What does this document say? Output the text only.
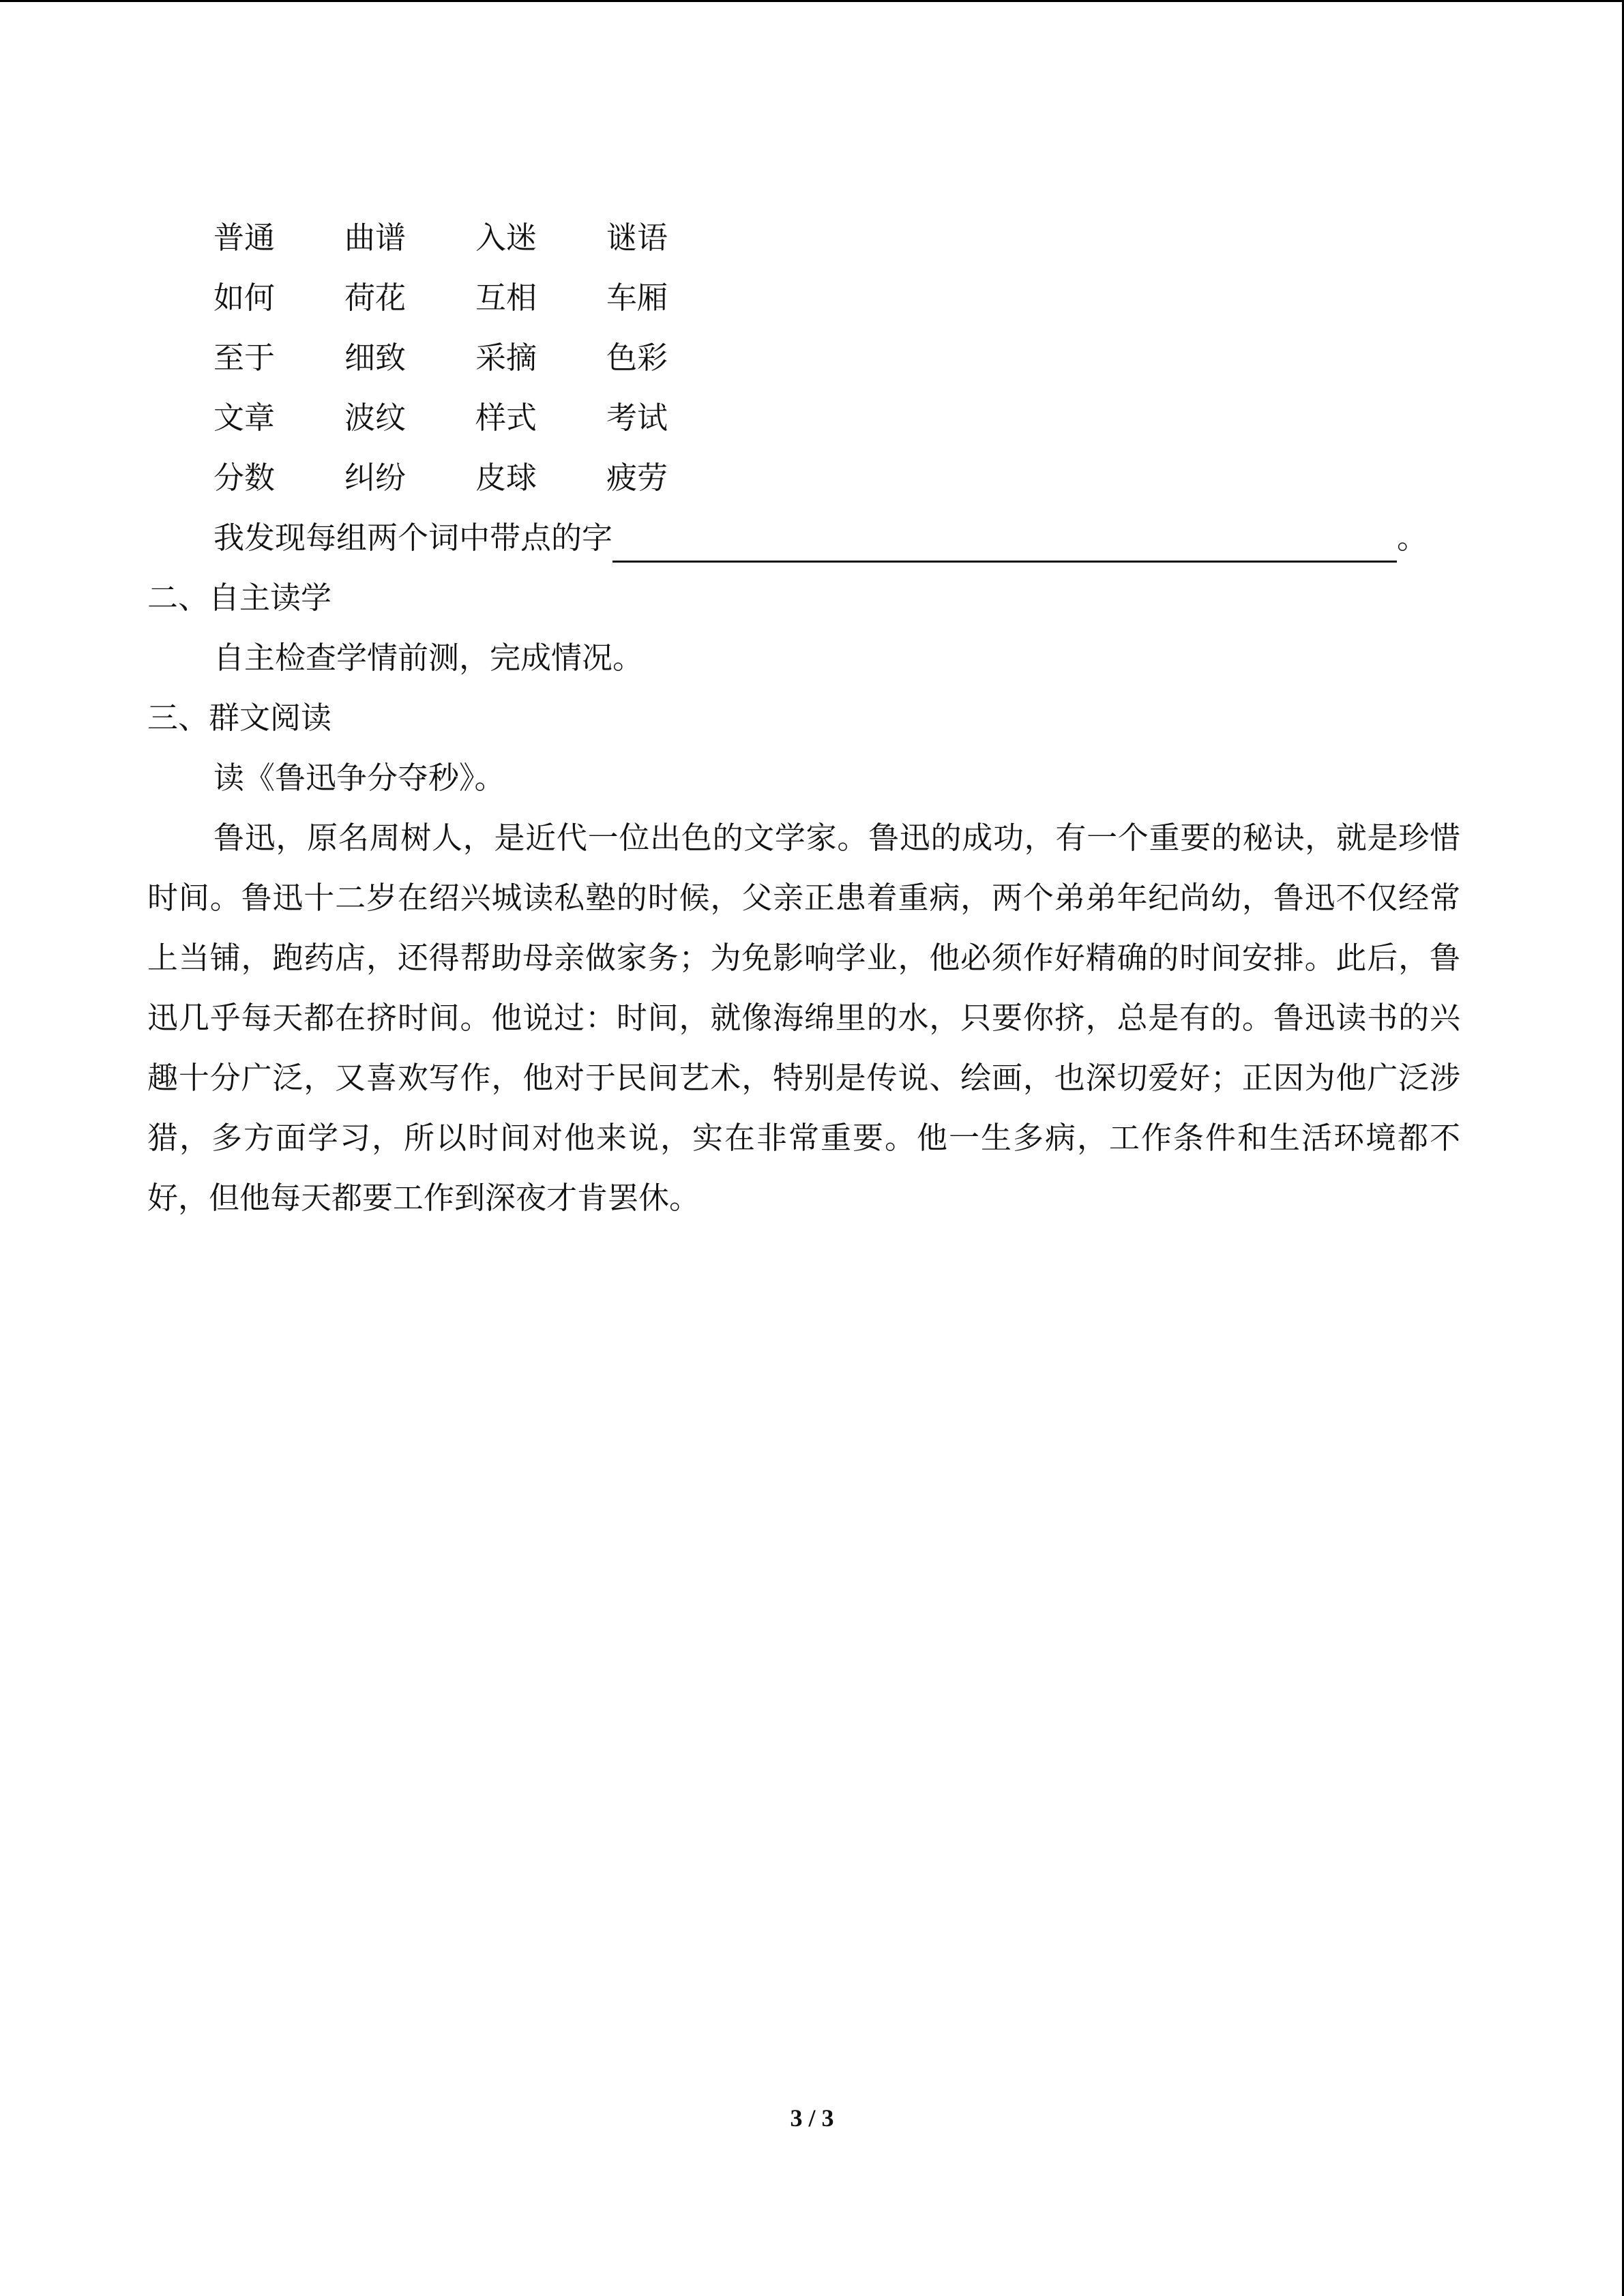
普通	曲谱	入迷	谜语
如何	荷花	互相	车厢
至于	细致	采摘	色彩
文章	波纹	样式	考试
分数	纠纷	皮球	疲劳
我发现每组两个词中带点的字	。
二、自主读学
自主检查学情前测，完成情况。
三、群文阅读
读《鲁迅争分夺秒》。
鲁迅，原名周树人，是近代一位出色的文学家。鲁迅的成功，有一个重要的秘诀，就是珍惜时间。鲁迅十二岁在绍兴城读私塾的时候，父亲正患着重病，两个弟弟年纪尚幼，鲁迅不仅经常上当铺，跑药店，还得帮助母亲做家务；为免影响学业，他必须作好精确的时间安排。此后，鲁迅几乎每天都在挤时间。他说过：时间，就像海绵里的水，只要你挤，总是有的。鲁迅读书的兴趣十分广泛，又喜欢写作，他对于民间艺术，特别是传说、绘画，也深切爱好；正因为他广泛涉猎，多方面学习，所以时间对他来说，实在非常重要。他一生多病，工作条件和生活环境都不好，但他每天都要工作到深夜才肯罢休。
3 / 3
